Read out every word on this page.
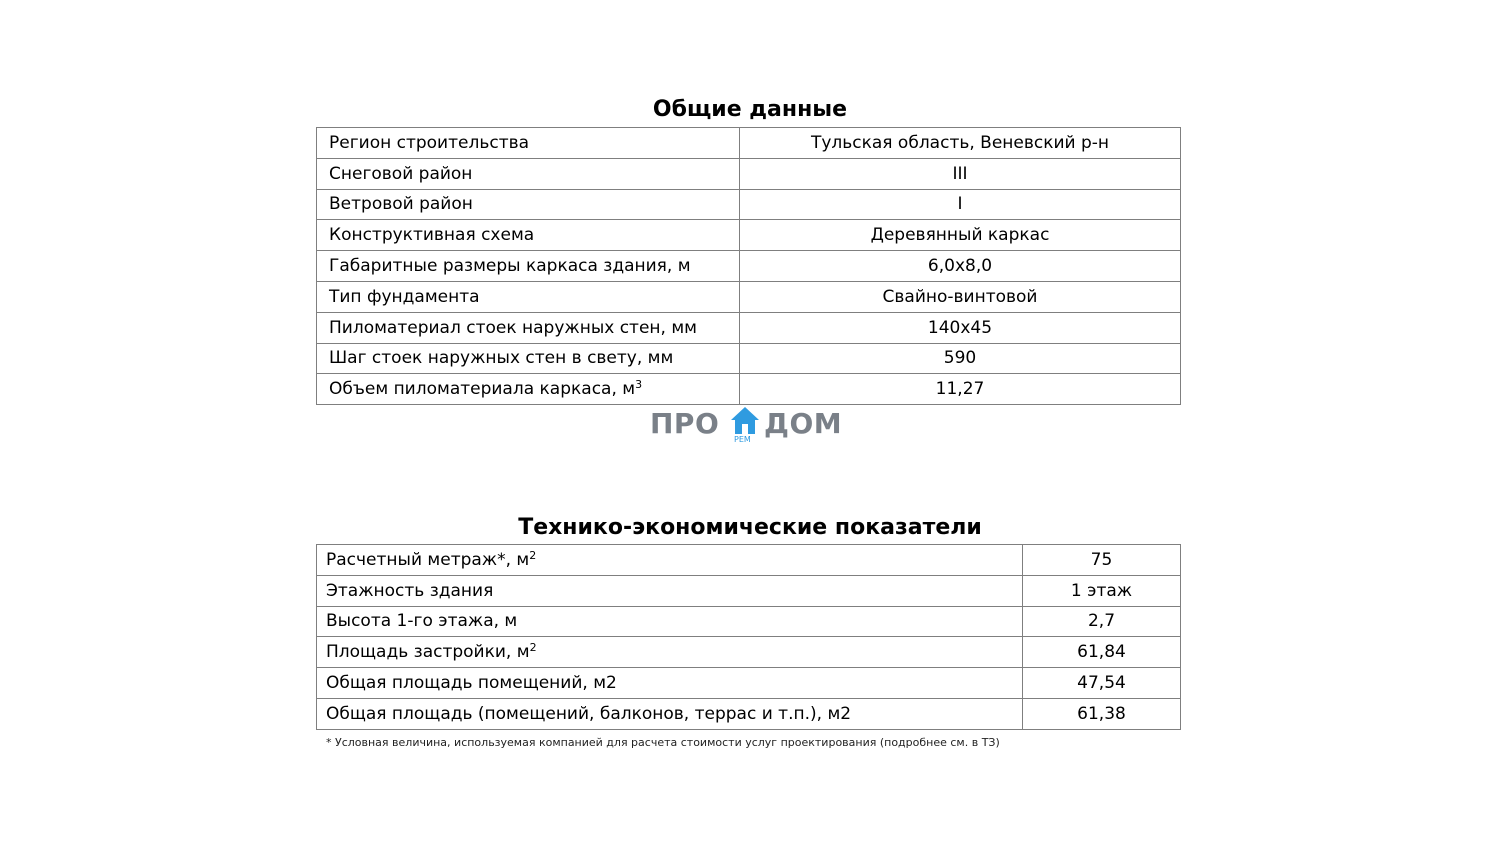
Общие данные
Регион строительства	Тульская область, Веневский р-н
Снеговой район	III
Ветровой район	I
Конструктивная схема	Деревянный каркас
Габаритные размеры каркаса здания, м	6,0х8,0
Тип фундамента	Свайно-винтовой
Пиломатериал стоек наружных стен, мм	140х45
Шаг стоек наружных стен в свету, мм	590
Объем пиломатериала каркаса, $м^3$	11,27
ПРО РЕМ ДОМ
Технико-экономические показатели
Расчетный метраж*, $м^2$	75
Этажность здания	1 этаж
Высота 1-го этажа, м	2,7
Площадь застройки, $м^2$	61,84
Общая площадь помещений, м2	47,54
Общая площадь (помещений, балконов, террас и т.п.), м2	61,38
* Условная величина, используемая компанией для расчета стоимости услуг проектирования (подробнее см. в ТЗ)
